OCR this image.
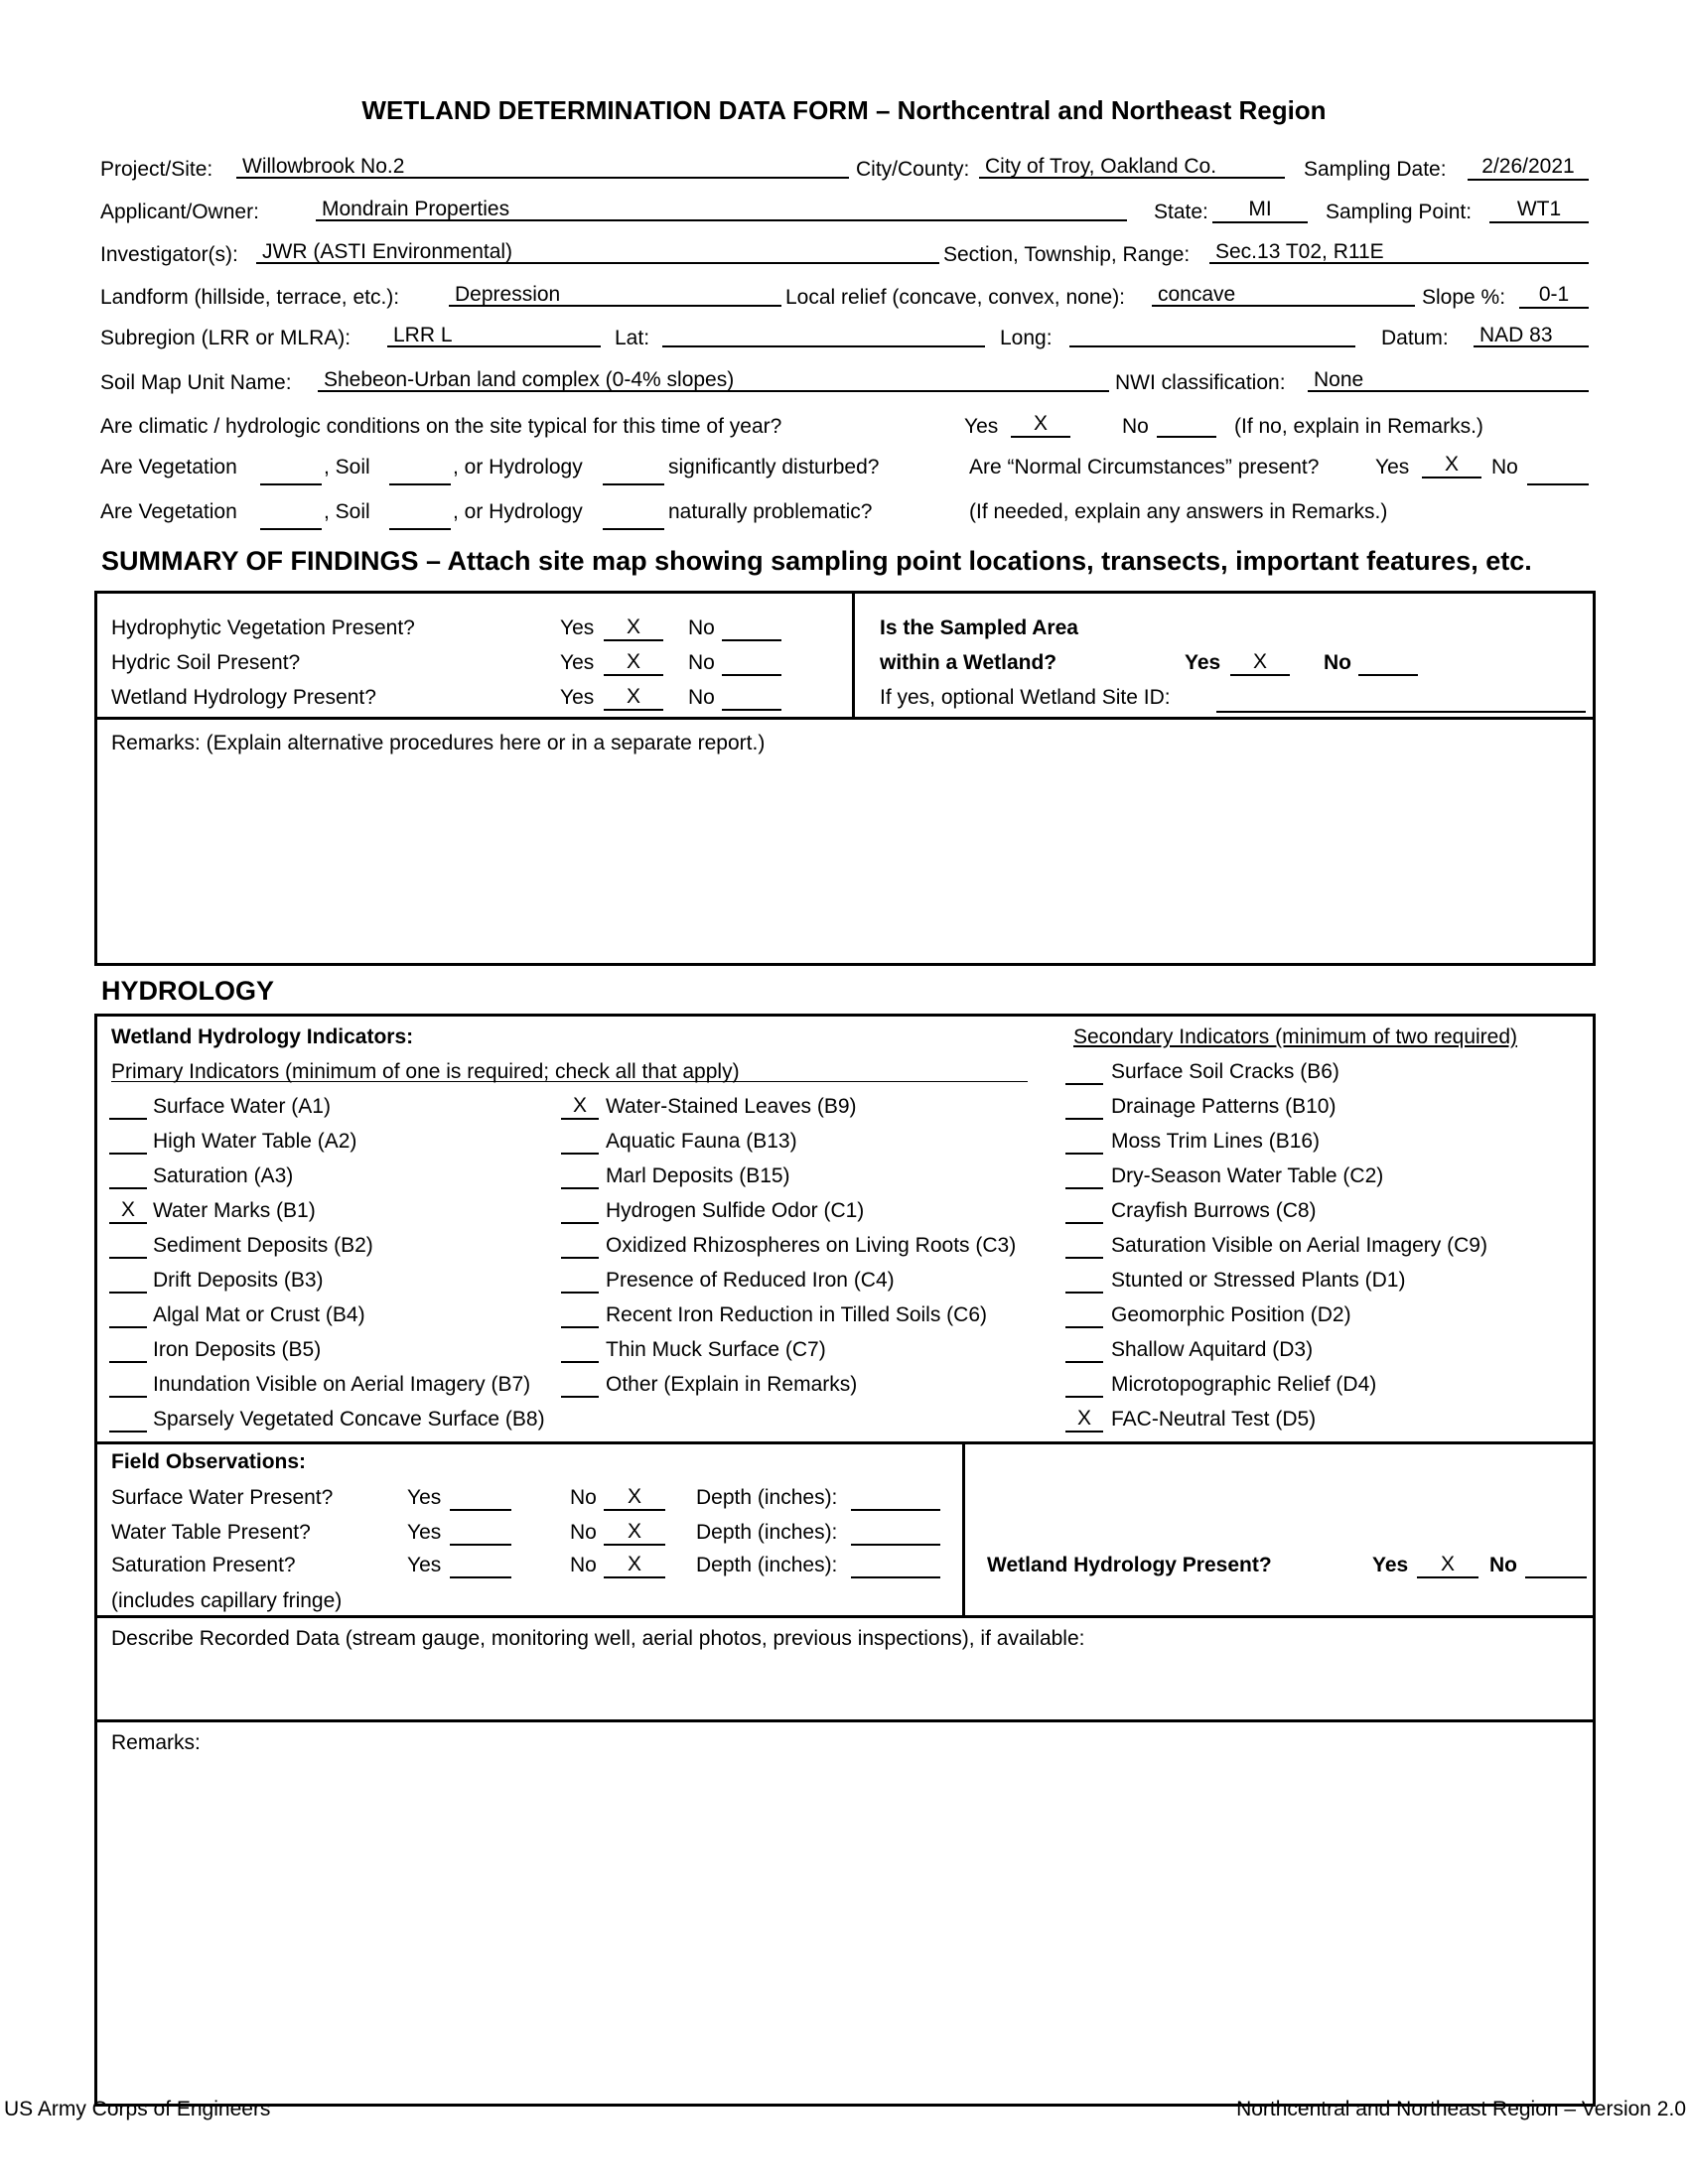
WETLAND DETERMINATION DATA FORM – Northcentral and Northeast Region
Project/Site: Willowbrook No.2	City/County: City of Troy, Oakland Co.	Sampling Date:	2/26/2021
Applicant/Owner:	Mondrain Properties	State:	MI	Sampling Point:	WT1
Investigator(s): JWR (ASTI Environmental)	Section, Township, Range: Sec.13 T02, R11E
Landform (hillside, terrace, etc.):	Depression	Local relief (concave, convex, none): concave	Slope %:	0-1
Subregion (LRR or MLRA): LRR L	Lat:	Long:	Datum: NAD 83
Soil Map Unit Name: Shebeon-Urban land complex (0-4% slopes)	NWI classification: None
Are climatic / hydrologic conditions on the site typical for this time of year?	Yes	X	No	(If no, explain in Remarks.)
Are Vegetation	, Soil	, or Hydrology	significantly disturbed?	Are “Normal Circumstances” present?	Yes	X	No
Are Vegetation	, Soil	, or Hydrology	naturally problematic?	(If needed, explain any answers in Remarks.)
SUMMARY OF FINDINGS – Attach site map showing sampling point locations, transects, important features, etc.
Hydrophytic Vegetation Present?	Yes	X	No
Hydric Soil Present?	Yes	X	No
Wetland Hydrology Present?	Yes	X	No
Is the Sampled Area
within a Wetland?	Yes	X	No
If yes, optional Wetland Site ID:
Remarks: (Explain alternative procedures here or in a separate report.)
HYDROLOGY
Wetland Hydrology Indicators:	Secondary Indicators (minimum of two required)
Primary Indicators (minimum of one is required; check all that apply)
Surface Water (A1)
High Water Table (A2)
Saturation (A3)
X Water Marks (B1)
Sediment Deposits (B2)
Drift Deposits (B3)
Algal Mat or Crust (B4)
Iron Deposits (B5)
Inundation Visible on Aerial Imagery (B7)
Sparsely Vegetated Concave Surface (B8)
X Water-Stained Leaves (B9)
Aquatic Fauna (B13)
Marl Deposits (B15)
Hydrogen Sulfide Odor (C1)
Oxidized Rhizospheres on Living Roots (C3)
Presence of Reduced Iron (C4)
Recent Iron Reduction in Tilled Soils (C6)
Thin Muck Surface (C7)
Other (Explain in Remarks)
Surface Soil Cracks (B6)
Drainage Patterns (B10)
Moss Trim Lines (B16)
Dry-Season Water Table (C2)
Crayfish Burrows (C8)
Saturation Visible on Aerial Imagery (C9)
Stunted or Stressed Plants (D1)
Geomorphic Position (D2)
Shallow Aquitard (D3)
Microtopographic Relief (D4)
X FAC-Neutral Test (D5)
Field Observations:
Surface Water Present?	Yes	No	X	Depth (inches):
Water Table Present?	Yes	No	X	Depth (inches):
Saturation Present?	Yes	No	X	Depth (inches):
(includes capillary fringe)
Wetland Hydrology Present?	Yes	X	No
Describe Recorded Data (stream gauge, monitoring well, aerial photos, previous inspections), if available:
Remarks:
US Army Corps of Engineers	Northcentral and Northeast Region – Version 2.0
